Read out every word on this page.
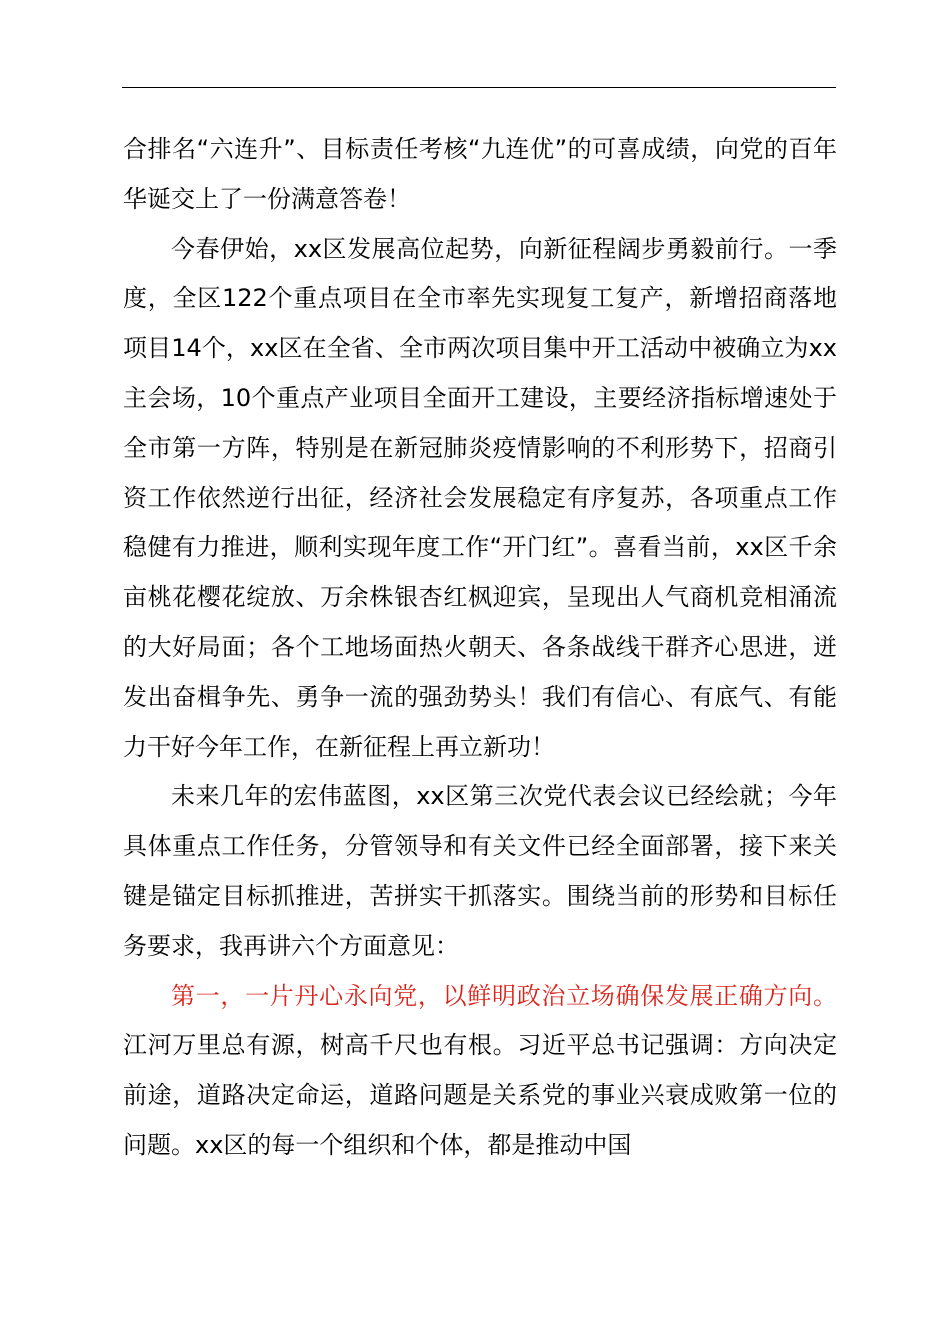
合排名“六连升”、目标责任考核“九连优”的可喜成绩，向党的百年华诞交上了一份满意答卷！

今春伊始，xx区发展高位起势，向新征程阔步勇毅前行。一季度，全区122个重点项目在全市率先实现复工复产，新增招商落地项目14个，xx区在全省、全市两次项目集中开工活动中被确立为xx主会场，10个重点产业项目全面开工建设，主要经济指标增速处于全市第一方阵，特别是在新冠肺炎疫情影响的不利形势下，招商引资工作依然逆行出征，经济社会发展稳定有序复苏，各项重点工作稳健有力推进，顺利实现年度工作“开门红”。喜看当前，xx区千余亩桃花樱花绽放、万余株银杏红枫迎宾，呈现出人气商机竞相涌流的大好局面；各个工地场面热火朝天、各条战线干群齐心思进，迸发出奋楫争先、勇争一流的强劲势头！我们有信心、有底气、有能力干好今年工作，在新征程上再立新功！

未来几年的宏伟蓝图，xx区第三次党代表会议已经绘就；今年具体重点工作任务，分管领导和有关文件已经全面部署，接下来关键是锚定目标抓推进，苦拼实干抓落实。围绕当前的形势和目标任务要求，我再讲六个方面意见：

第一，一片丹心永向党，以鲜明政治立场确保发展正确方向。江河万里总有源，树高千尺也有根。习近平总书记强调：方向决定前途，道路决定命运，道路问题是关系党的事业兴衰成败第一位的问题。xx区的每一个组织和个体，都是推动中国
